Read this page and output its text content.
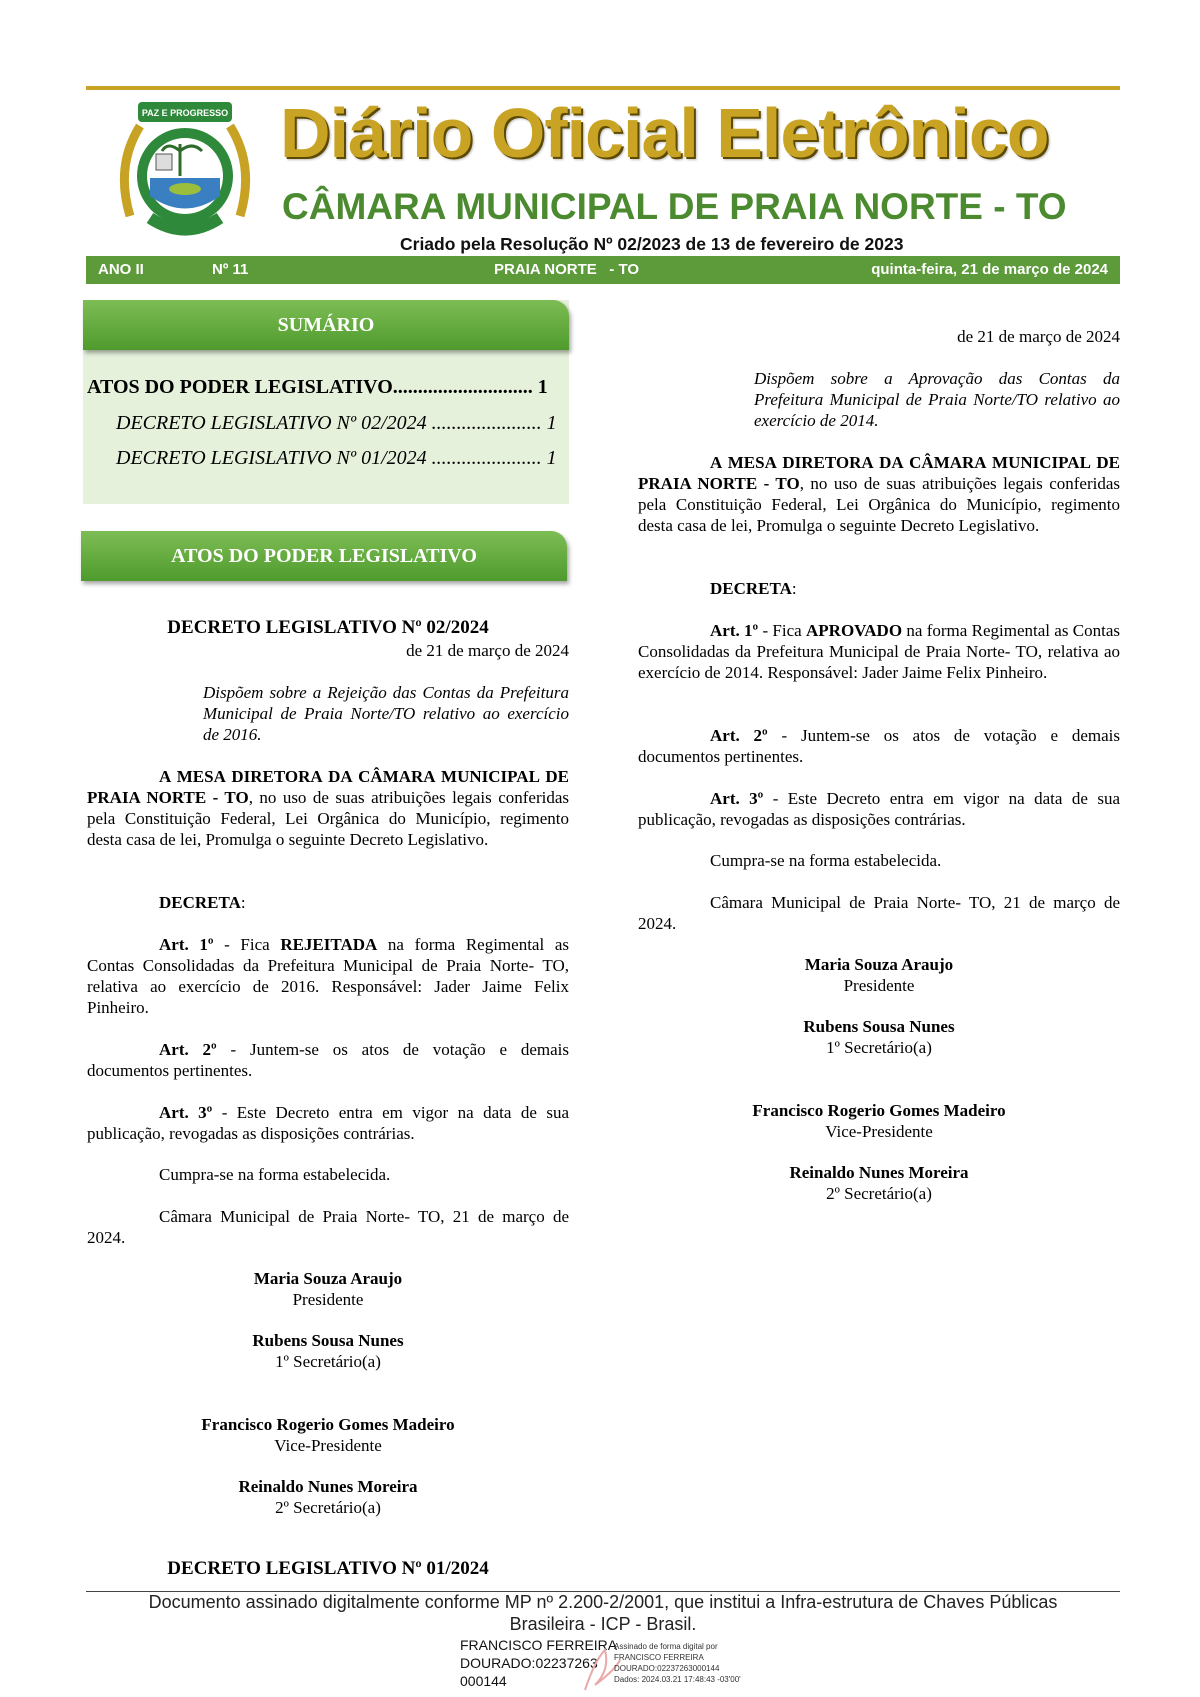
PAZ E PROGRESSO Diário Oficial Eletrônico
CÂMARA MUNICIPAL DE PRAIA NORTE - TO
Criado pela Resolução Nº 02/2023 de 13 de fevereiro de 2023
ANO II	Nº 11	PRAIA NORTE   - TO	quinta-feira, 21 de março de 2024
SUMÁRIO
ATOS DO PODER LEGISLATIVO............................ 1
DECRETO LEGISLATIVO Nº 02/2024 ...................... 1
DECRETO LEGISLATIVO Nº 01/2024 ...................... 1
ATOS DO PODER LEGISLATIVO

DECRETO LEGISLATIVO Nº 02/2024

de 21 de março de 2024

Dispõem sobre a Rejeição das Contas da Prefeitura Municipal de Praia Norte/TO relativo ao exercício de 2016.

A MESA DIRETORA DA CÂMARA MUNICIPAL DE PRAIA NORTE - TO, no uso de suas atribuições legais conferidas pela Constituição Federal, Lei Orgânica do Município, regimento desta casa de lei, Promulga o seguinte Decreto Legislativo.

DECRETA:

Art. 1º - Fica REJEITADA na forma Regimental as Contas Consolidadas da Prefeitura Municipal de Praia Norte- TO, relativa ao exercício de 2016. Responsável: Jader Jaime Felix Pinheiro.

Art. 2º - Juntem-se os atos de votação e demais documentos pertinentes.

Art. 3º - Este Decreto entra em vigor na data de sua publicação, revogadas as disposições contrárias.

Cumpra-se na forma estabelecida.

Câmara Municipal de Praia Norte- TO, 21 de março de 2024.

Maria Souza Araujo

Presidente

Rubens Sousa Nunes

1º Secretário(a)

Francisco Rogerio Gomes Madeiro

Vice-Presidente

Reinaldo Nunes Moreira

2º Secretário(a)

DECRETO LEGISLATIVO Nº 01/2024

de 21 de março de 2024

Dispõem sobre a Aprovação das Contas da Prefeitura Municipal de Praia Norte/TO relativo ao exercício de 2014.

A MESA DIRETORA DA CÂMARA MUNICIPAL DE PRAIA NORTE - TO, no uso de suas atribuições legais conferidas pela Constituição Federal, Lei Orgânica do Município, regimento desta casa de lei, Promulga o seguinte Decreto Legislativo.

DECRETA:

Art. 1º - Fica APROVADO na forma Regimental as Contas Consolidadas da Prefeitura Municipal de Praia Norte- TO, relativa ao exercício de 2014. Responsável: Jader Jaime Felix Pinheiro.

Art. 2º - Juntem-se os atos de votação e demais documentos pertinentes.

Art. 3º - Este Decreto entra em vigor na data de sua publicação, revogadas as disposições contrárias.

Cumpra-se na forma estabelecida.

Câmara Municipal de Praia Norte- TO, 21 de março de 2024.

Maria Souza Araujo

Presidente

Rubens Sousa Nunes

1º Secretário(a)

Francisco Rogerio Gomes Madeiro

Vice-Presidente

Reinaldo Nunes Moreira

2º Secretário(a)

Documento assinado digitalmente conforme MP nº 2.200-2/2001, que institui a Infra-estrutura de Chaves Públicas
Brasileira - ICP - Brasil.
FRANCISCO FERREIRA
DOURADO:02237263
000144
Assinado de forma digital por
FRANCISCO FERREIRA
DOURADO:02237263000144
Dados: 2024.03.21 17:48:43 -03'00'
